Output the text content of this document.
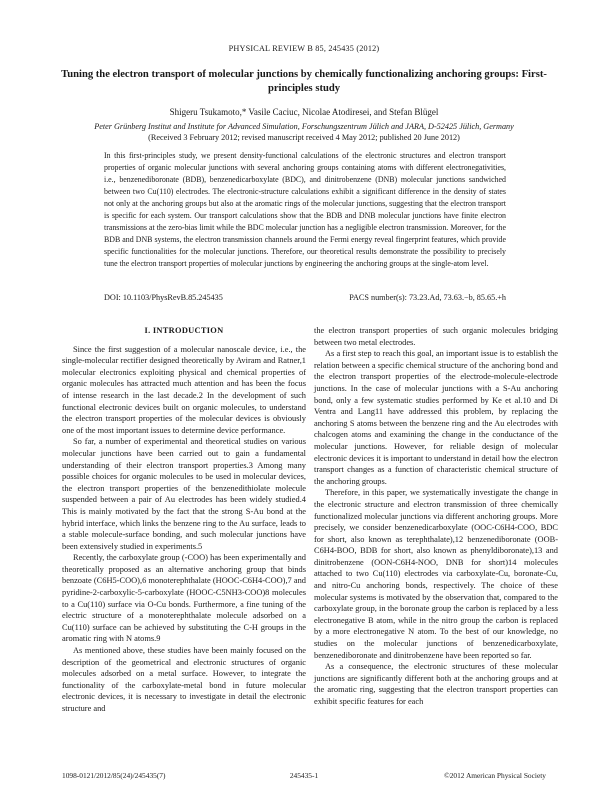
PHYSICAL REVIEW B 85, 245435 (2012)
Tuning the electron transport of molecular junctions by chemically functionalizing anchoring groups: First-principles study
Shigeru Tsukamoto,* Vasile Caciuc, Nicolae Atodiresei, and Stefan Blügel
Peter Grünberg Institut and Institute for Advanced Simulation, Forschungszentrum Jülich and JARA, D-52425 Jülich, Germany
(Received 3 February 2012; revised manuscript received 4 May 2012; published 20 June 2012)
In this first-principles study, we present density-functional calculations of the electronic structures and electron transport properties of organic molecular junctions with several anchoring groups containing atoms with different electronegativities, i.e., benzenediboronate (BDB), benzenedicarboxylate (BDC), and dinitrobenzene (DNB) molecular junctions sandwiched between two Cu(110) electrodes. The electronic-structure calculations exhibit a significant difference in the density of states not only at the anchoring groups but also at the aromatic rings of the molecular junctions, suggesting that the electron transport is specific for each system. Our transport calculations show that the BDB and DNB molecular junctions have finite electron transmissions at the zero-bias limit while the BDC molecular junction has a negligible electron transmission. Moreover, for the BDB and DNB systems, the electron transmission channels around the Fermi energy reveal fingerprint features, which provide specific functionalities for the molecular junctions. Therefore, our theoretical results demonstrate the possibility to precisely tune the electron transport properties of molecular junctions by engineering the anchoring groups at the single-atom level.
DOI: 10.1103/PhysRevB.85.245435	PACS number(s): 73.23.Ad, 73.63.−b, 85.65.+h
I. INTRODUCTION

Since the first suggestion of a molecular nanoscale device, i.e., the single-molecular rectifier designed theoretically by Aviram and Ratner,1 molecular electronics exploiting physical and chemical properties of organic molecules has attracted much attention and has been the focus of intense research in the last decade.2 In the development of such functional electronic devices built on organic molecules, to understand the electron transport properties of the molecular devices is obviously one of the most important issues to determine device performance.

So far, a number of experimental and theoretical studies on various molecular junctions have been carried out to gain a fundamental understanding of their electron transport properties.3 Among many possible choices for organic molecules to be used in molecular devices, the electron transport properties of the benzenedithiolate molecule suspended between a pair of Au electrodes has been widely studied.4 This is mainly motivated by the fact that the strong S-Au bond at the hybrid interface, which links the benzene ring to the Au surface, leads to a stable molecule-surface bonding, and such molecular junctions have been extensively studied in experiments.5

Recently, the carboxylate group (-COO) has been experimentally and theoretically proposed as an alternative anchoring group that binds benzoate (C6H5-COO),6 monoterephthalate (HOOC-C6H4-COO),7 and pyridine-2-carboxylic-5-carboxylate (HOOC-C5NH3-COO)8 molecules to a Cu(110) surface via O-Cu bonds. Furthermore, a fine tuning of the electric structure of a monoterephthalate molecule adsorbed on a Cu(110) surface can be achieved by substituting the C-H groups in the aromatic ring with N atoms.9

As mentioned above, these studies have been mainly focused on the description of the geometrical and electronic structures of organic molecules adsorbed on a metal surface. However, to integrate the functionality of the carboxylate-metal bond in future molecular electronic devices, it is necessary to investigate in detail the electronic structure and

the electron transport properties of such organic molecules bridging between two metal electrodes.

As a first step to reach this goal, an important issue is to establish the relation between a specific chemical structure of the anchoring bond and the electron transport properties of the electrode-molecule-electrode junctions. In the case of molecular junctions with a S-Au anchoring bond, only a few systematic studies performed by Ke et al.10 and Di Ventra and Lang11 have addressed this problem, by replacing the anchoring S atoms between the benzene ring and the Au electrodes with chalcogen atoms and examining the change in the conductance of the molecular junctions. However, for reliable design of molecular electronic devices it is important to understand in detail how the electron transport changes as a function of characteristic chemical structure of the anchoring groups.

Therefore, in this paper, we systematically investigate the change in the electronic structure and electron transmission of three chemically functionalized molecular junctions via different anchoring groups. More precisely, we consider benzenedicarboxylate (OOC-C6H4-COO, BDC for short, also known as terephthalate),12 benzenediboronate (OOB-C6H4-BOO, BDB for short, also known as phenyldiboronate),13 and dinitrobenzene (OON-C6H4-NOO, DNB for short)14 molecules attached to two Cu(110) electrodes via carboxylate-Cu, boronate-Cu, and nitro-Cu anchoring bonds, respectively. The choice of these molecular systems is motivated by the observation that, compared to the carboxylate group, in the boronate group the carbon is replaced by a less electronegative B atom, while in the nitro group the carbon is replaced by a more electronegative N atom. To the best of our knowledge, no studies on the molecular junctions of benzenedicarboxylate, benzenediboronate and dinitrobenzene have been reported so far.

As a consequence, the electronic structures of these molecular junctions are significantly different both at the anchoring groups and at the aromatic ring, suggesting that the electron transport properties can exhibit specific features for each

1098-0121/2012/85(24)/245435(7)	245435-1	©2012 American Physical Society
